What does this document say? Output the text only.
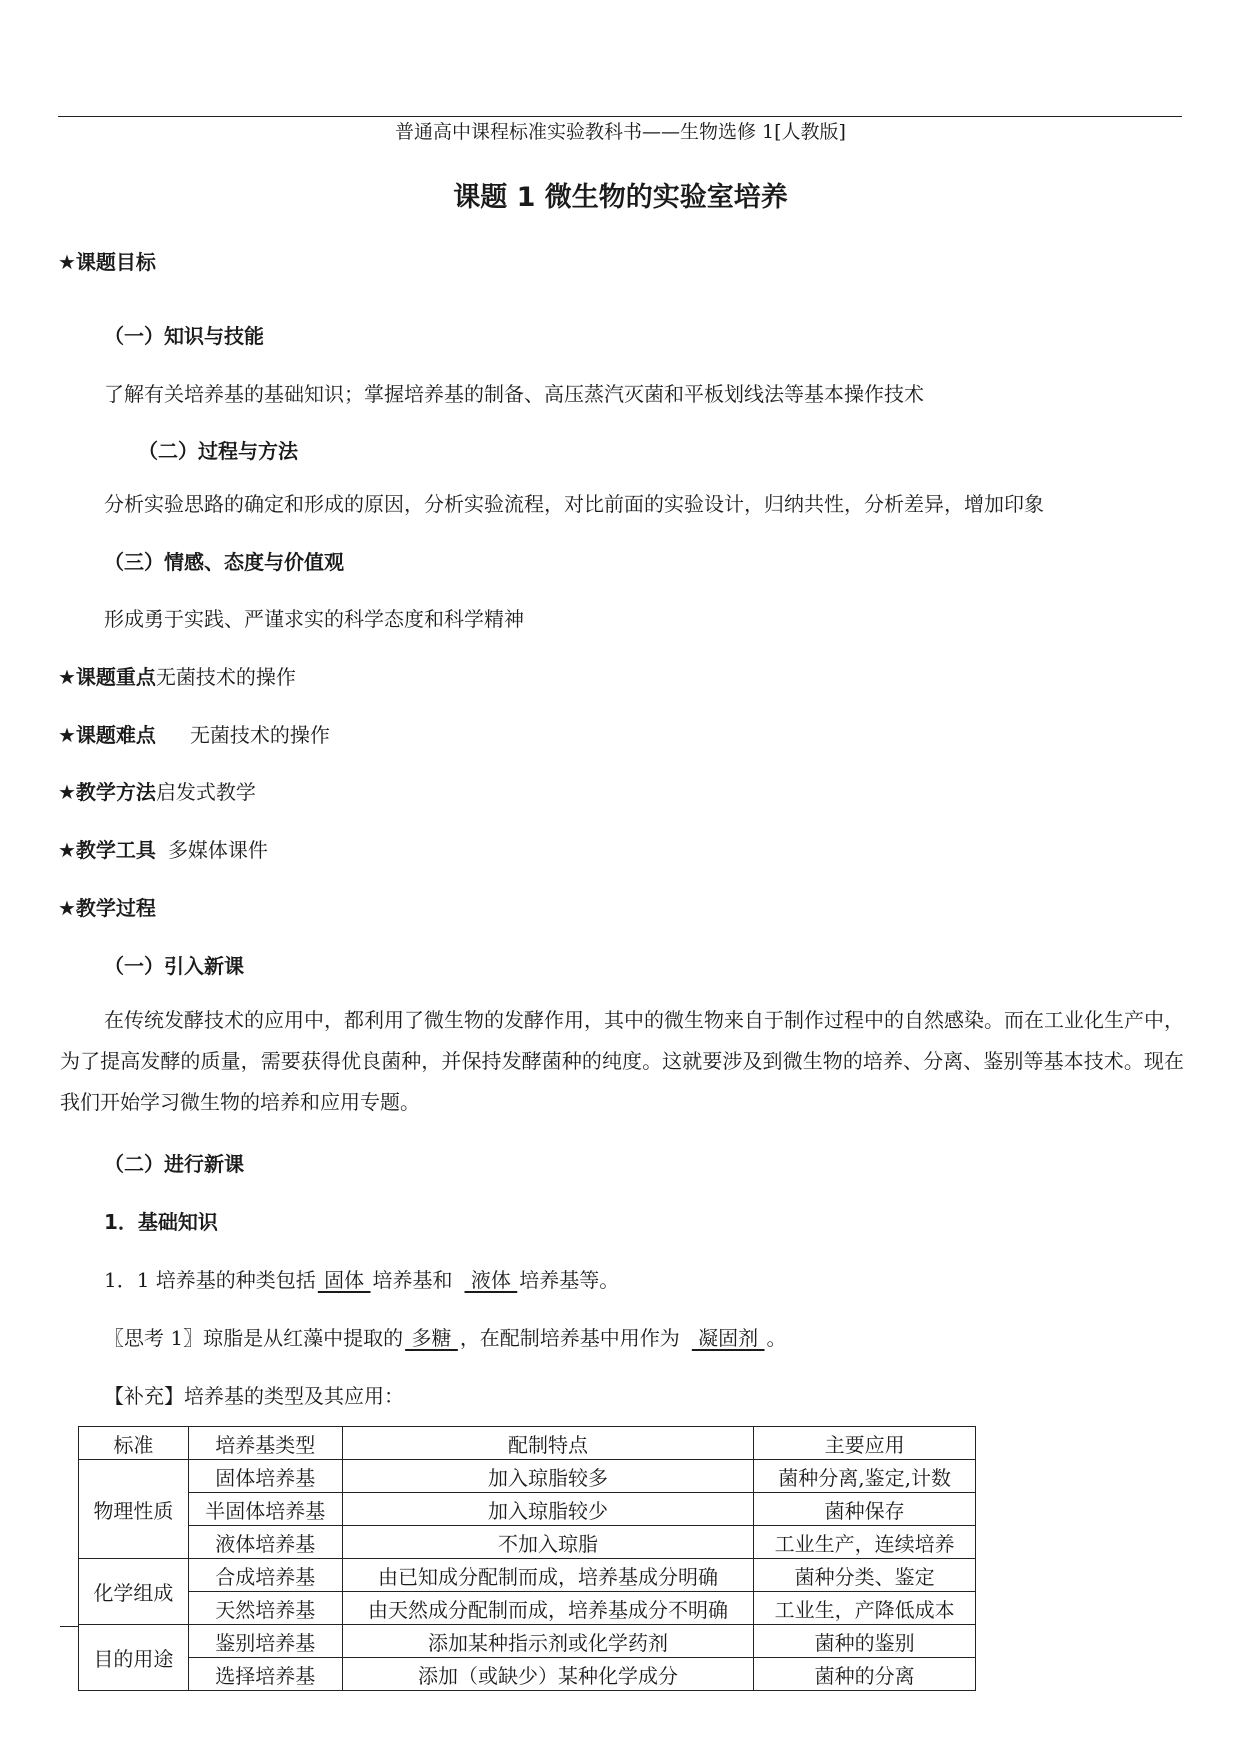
普通高中课程标准实验教科书——生物选修 1[人教版]
课题 1 微生物的实验室培养
★课题目标
（一）知识与技能
了解有关培养基的基础知识；掌握培养基的制备、高压蒸汽灭菌和平板划线法等基本操作技术
（二）过程与方法
分析实验思路的确定和形成的原因，分析实验流程，对比前面的实验设计，归纳共性，分析差异，增加印象
（三）情感、态度与价值观
形成勇于实践、严谨求实的科学态度和科学精神
★课题重点无菌技术的操作
★课题难点 无菌技术的操作
★教学方法启发式教学
★教学工具 多媒体课件
★教学过程
（一）引入新课
在传统发酵技术的应用中，都利用了微生物的发酵作用，其中的微生物来自于制作过程中的自然感染。而在工业化生产中，为了提高发酵的质量，需要获得优良菌种，并保持发酵菌种的纯度。这就要涉及到微生物的培养、分离、鉴别等基本技术。现在我们开始学习微生物的培养和应用专题。
（二）进行新课
1．基础知识
1．1 培养基的种类包括 固体 培养基和 液体 培养基等。
〖思考 1〗琼脂是从红藻中提取的 多糖 ，在配制培养基中用作为 凝固剂 。
【补充】培养基的类型及其应用：
标准	培养基类型	配制特点	主要应用
物理性质	固体培养基	加入琼脂较多	菌种分离,鉴定,计数
	半固体培养基	加入琼脂较少	菌种保存
	液体培养基	不加入琼脂	工业生产，连续培养
化学组成	合成培养基	由已知成分配制而成，培养基成分明确	菌种分类、鉴定
	天然培养基	由天然成分配制而成，培养基成分不明确	工业生，产降低成本
目的用途	鉴别培养基	添加某种指示剂或化学药剂	菌种的鉴别
	选择培养基	添加（或缺少）某种化学成分	菌种的分离
